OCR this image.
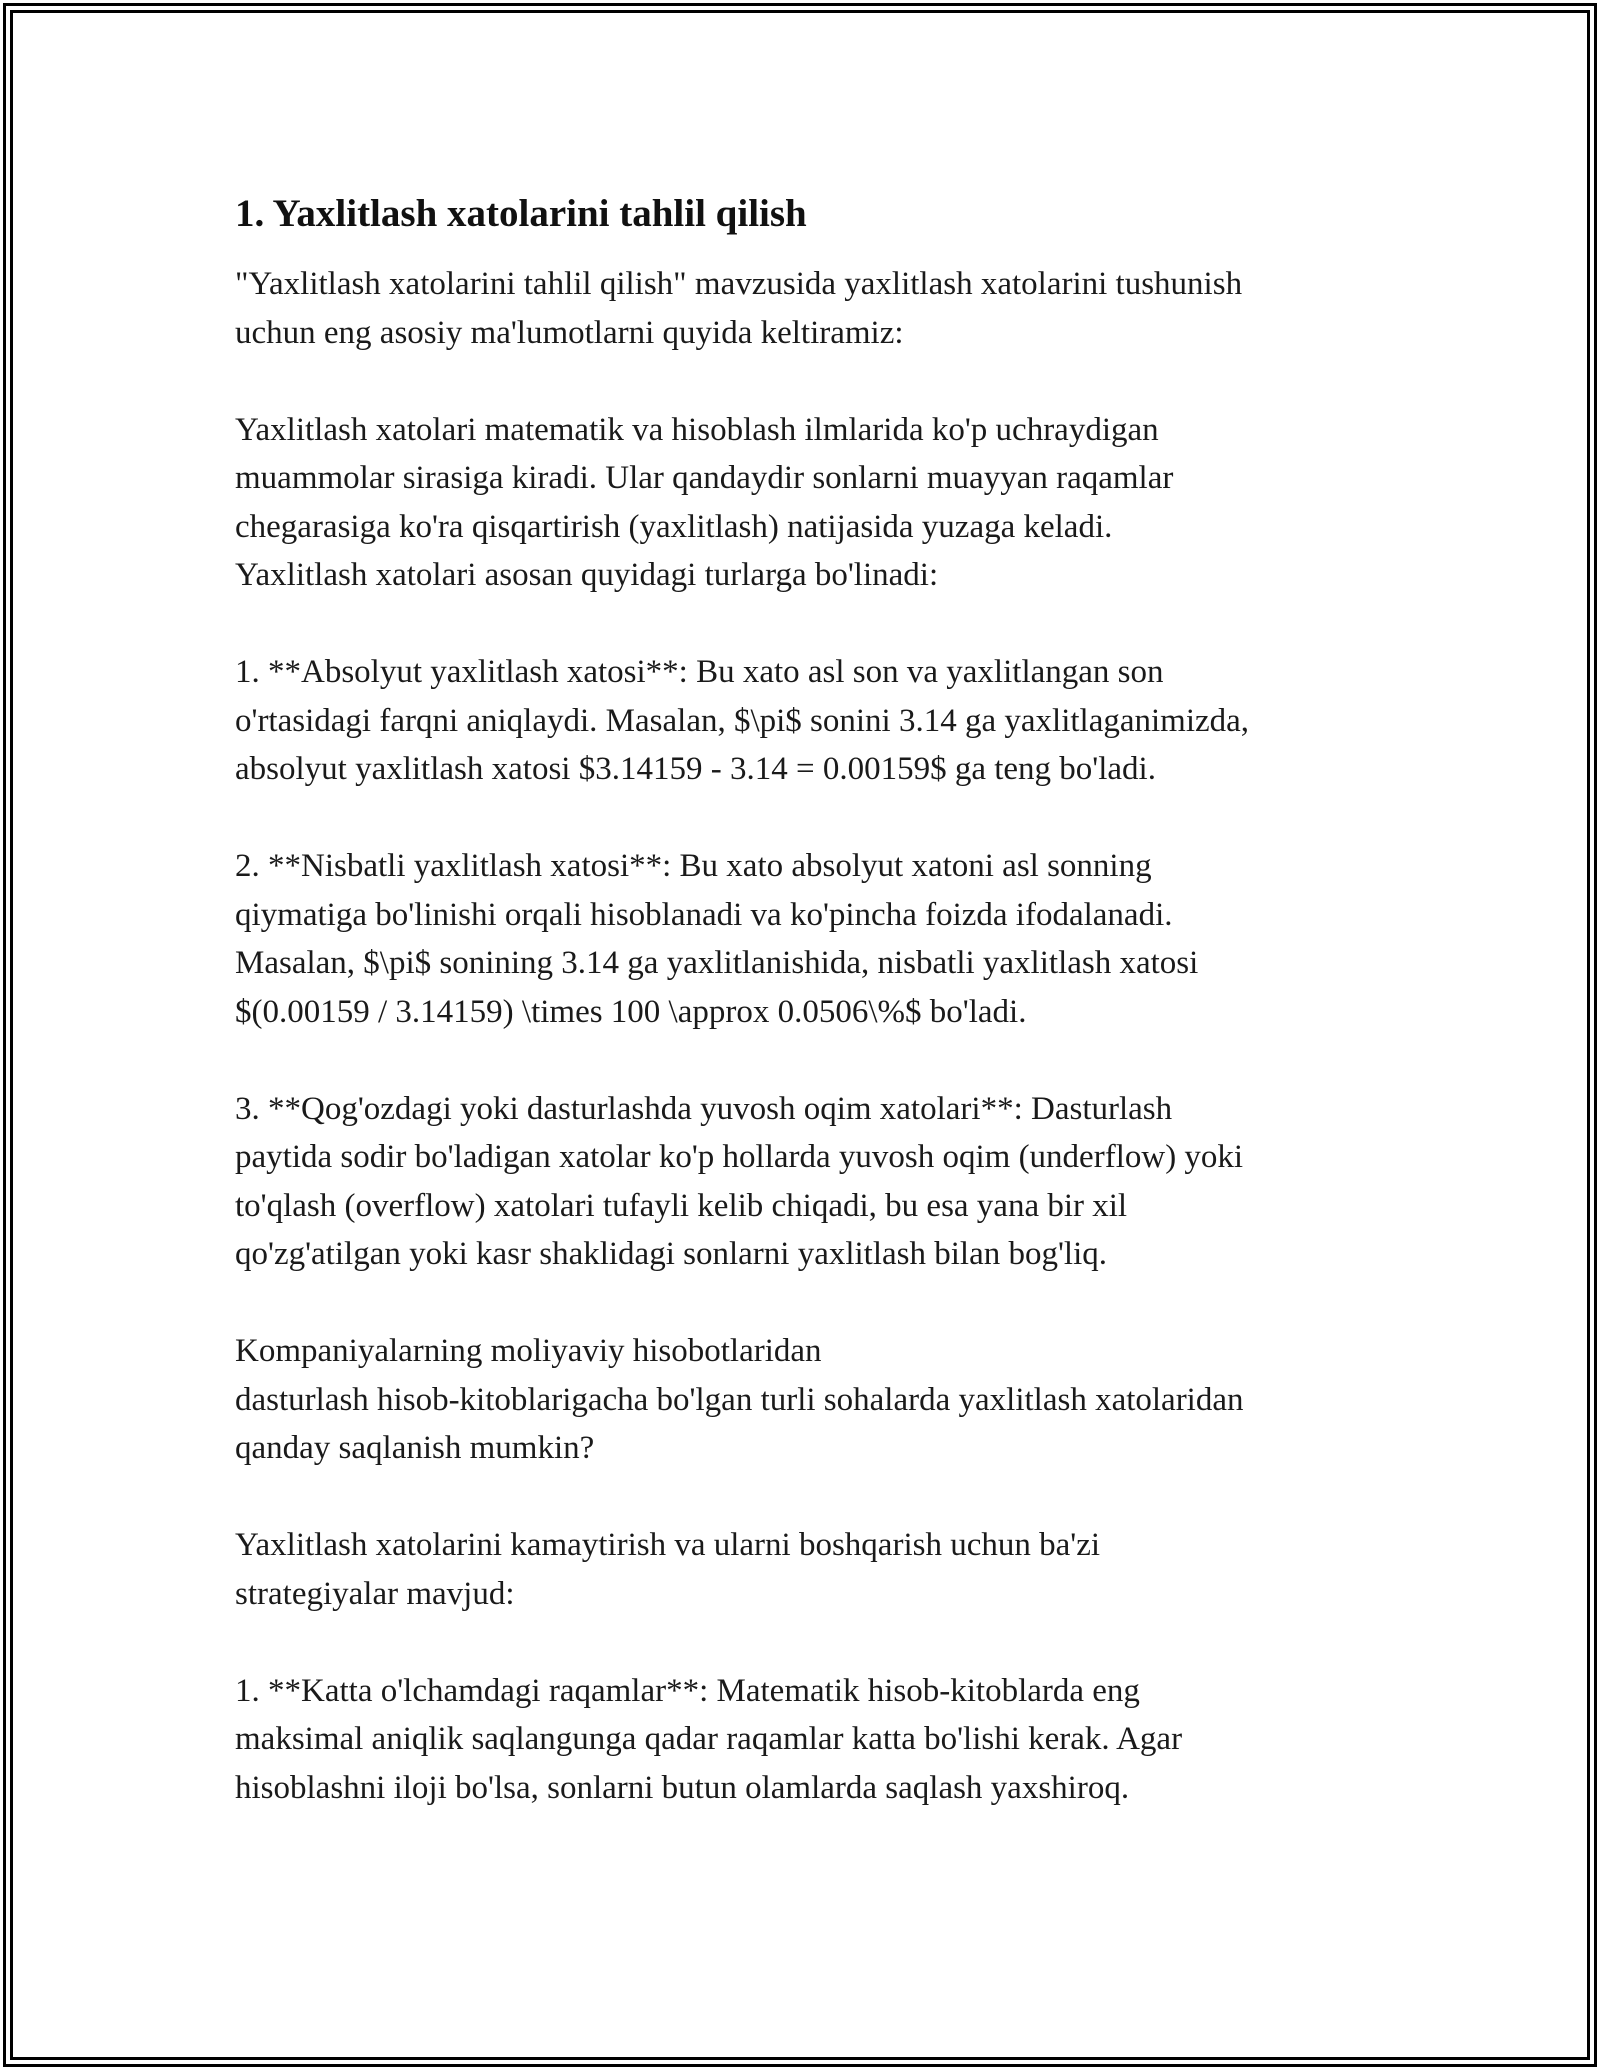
1. Yaxlitlash xatolarini tahlil qilish

"Yaxlitlash xatolarini tahlil qilish" mavzusida yaxlitlash xatolarini tushunish
uchun eng asosiy ma'lumotlarni quyida keltiramiz:

Yaxlitlash xatolari matematik va hisoblash ilmlarida ko'p uchraydigan
muammolar sirasiga kiradi. Ular qandaydir sonlarni muayyan raqamlar
chegarasiga ko'ra qisqartirish (yaxlitlash) natijasida yuzaga keladi.
Yaxlitlash xatolari asosan quyidagi turlarga bo'linadi:

1. **Absolyut yaxlitlash xatosi**: Bu xato asl son va yaxlitlangan son
o'rtasidagi farqni aniqlaydi. Masalan, $\pi$ sonini 3.14 ga yaxlitlaganimizda,
absolyut yaxlitlash xatosi $3.14159 - 3.14 = 0.00159$ ga teng bo'ladi.

2. **Nisbatli yaxlitlash xatosi**: Bu xato absolyut xatoni asl sonning
qiymatiga bo'linishi orqali hisoblanadi va ko'pincha foizda ifodalanadi.
Masalan, $\pi$ sonining 3.14 ga yaxlitlanishida, nisbatli yaxlitlash xatosi
$(0.00159 / 3.14159) \times 100 \approx 0.0506\%$ bo'ladi.

3. **Qog'ozdagi yoki dasturlashda yuvosh oqim xatolari**: Dasturlash
paytida sodir bo'ladigan xatolar ko'p hollarda yuvosh oqim (underflow) yoki
to'qlash (overflow) xatolari tufayli kelib chiqadi, bu esa yana bir xil
qo'zg'atilgan yoki kasr shaklidagi sonlarni yaxlitlash bilan bog'liq.

Kompaniyalarning moliyaviy hisobotlaridan
dasturlash hisob-kitoblarigacha bo'lgan turli sohalarda yaxlitlash xatolaridan
qanday saqlanish mumkin?

Yaxlitlash xatolarini kamaytirish va ularni boshqarish uchun ba'zi
strategiyalar mavjud:

1. **Katta o'lchamdagi raqamlar**: Matematik hisob-kitoblarda eng
maksimal aniqlik saqlangunga qadar raqamlar katta bo'lishi kerak. Agar
hisoblashni iloji bo'lsa, sonlarni butun olamlarda saqlash yaxshiroq.
